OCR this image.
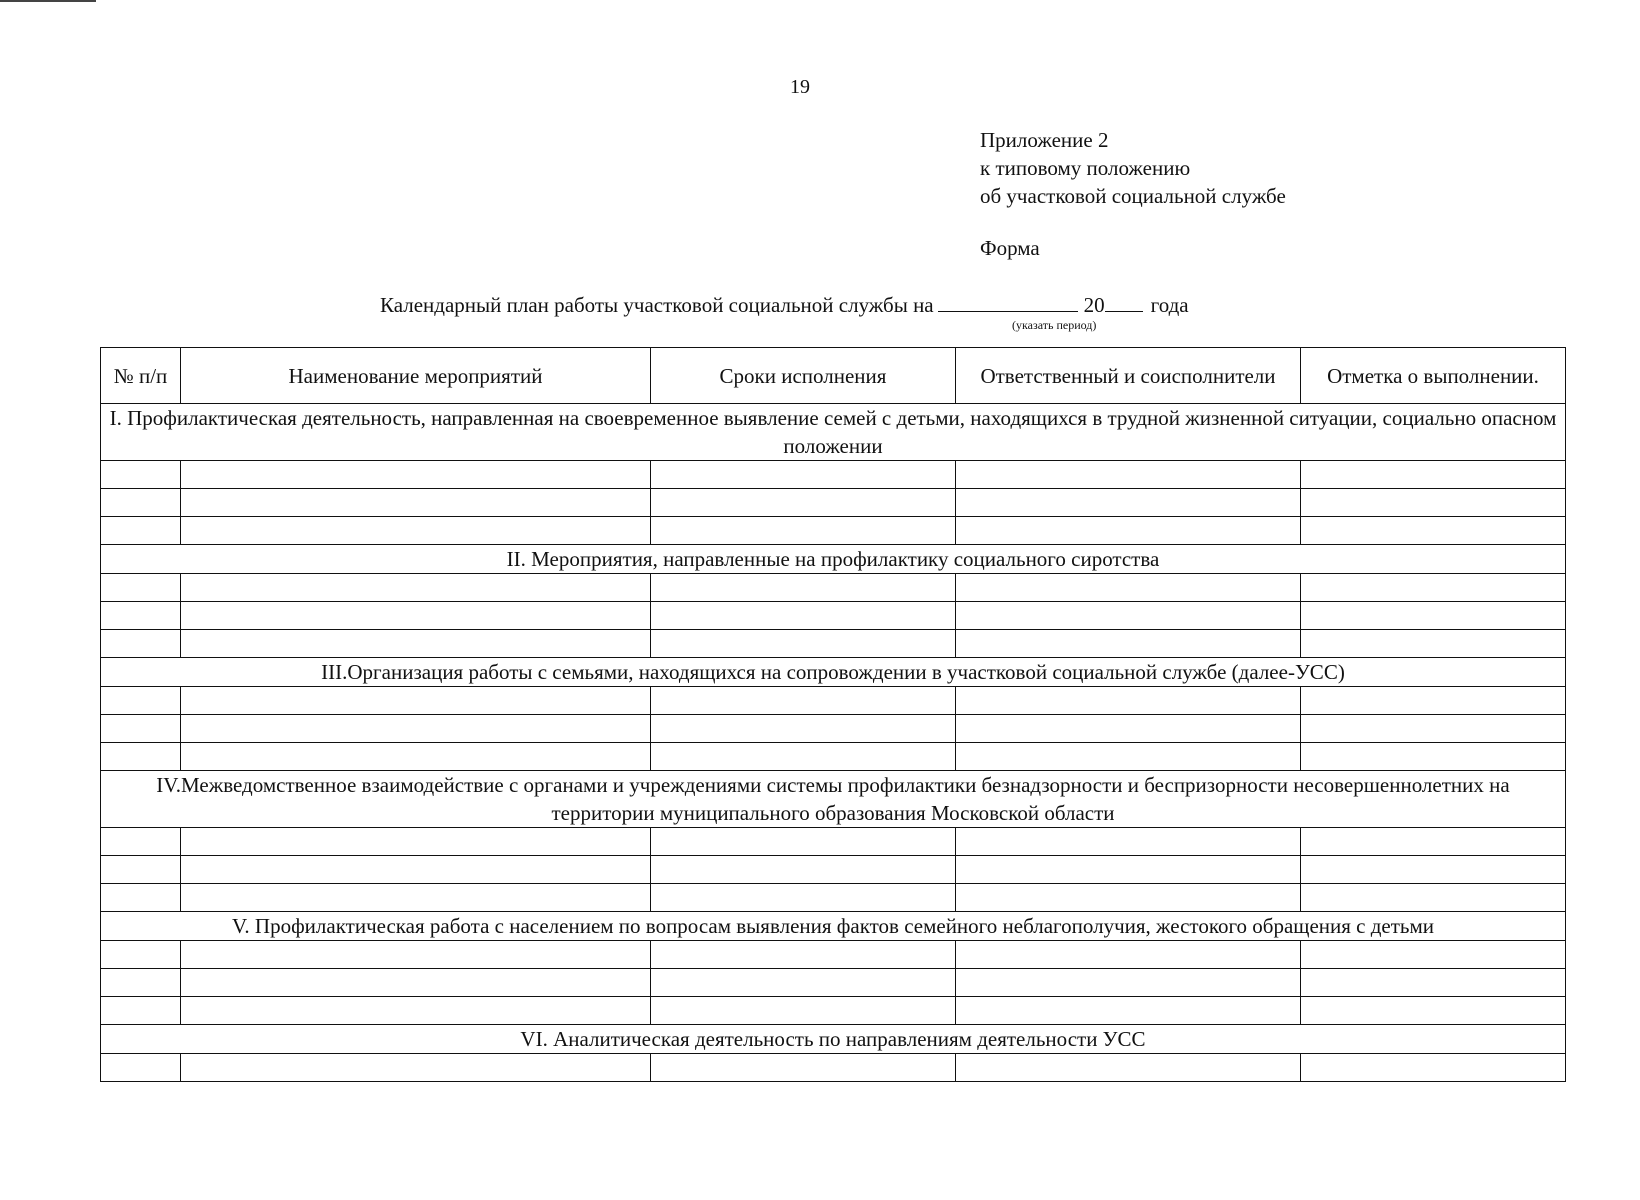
19
Приложение 2
к типовому положению
об участковой социальной службе
Форма
Календарный план работы участковой социальной службы на	20 года
(указать период)
№ п/п	Наименование мероприятий	Сроки исполнения	Ответственный и соисполнители	Отметка о выполнении.
I. Профилактическая деятельность, направленная на своевременное выявление семей с детьми, находящихся в трудной жизненной ситуации, социально опасном положении				

II. Мероприятия, направленные на профилактику социального сиротства				

III.Организация работы с семьями, находящихся на сопровождении в участковой социальной службе (далее-УСС)				

IV.Межведомственное взаимодействие с органами и учреждениями системы профилактики безнадзорности и беспризорности несовершеннолетних на территории муниципального образования Московской области				

V. Профилактическая работа с населением по вопросам выявления фактов семейного неблагополучия, жестокого обращения с детьми				

VI. Аналитическая деятельность по направлениям деятельности УСС				
